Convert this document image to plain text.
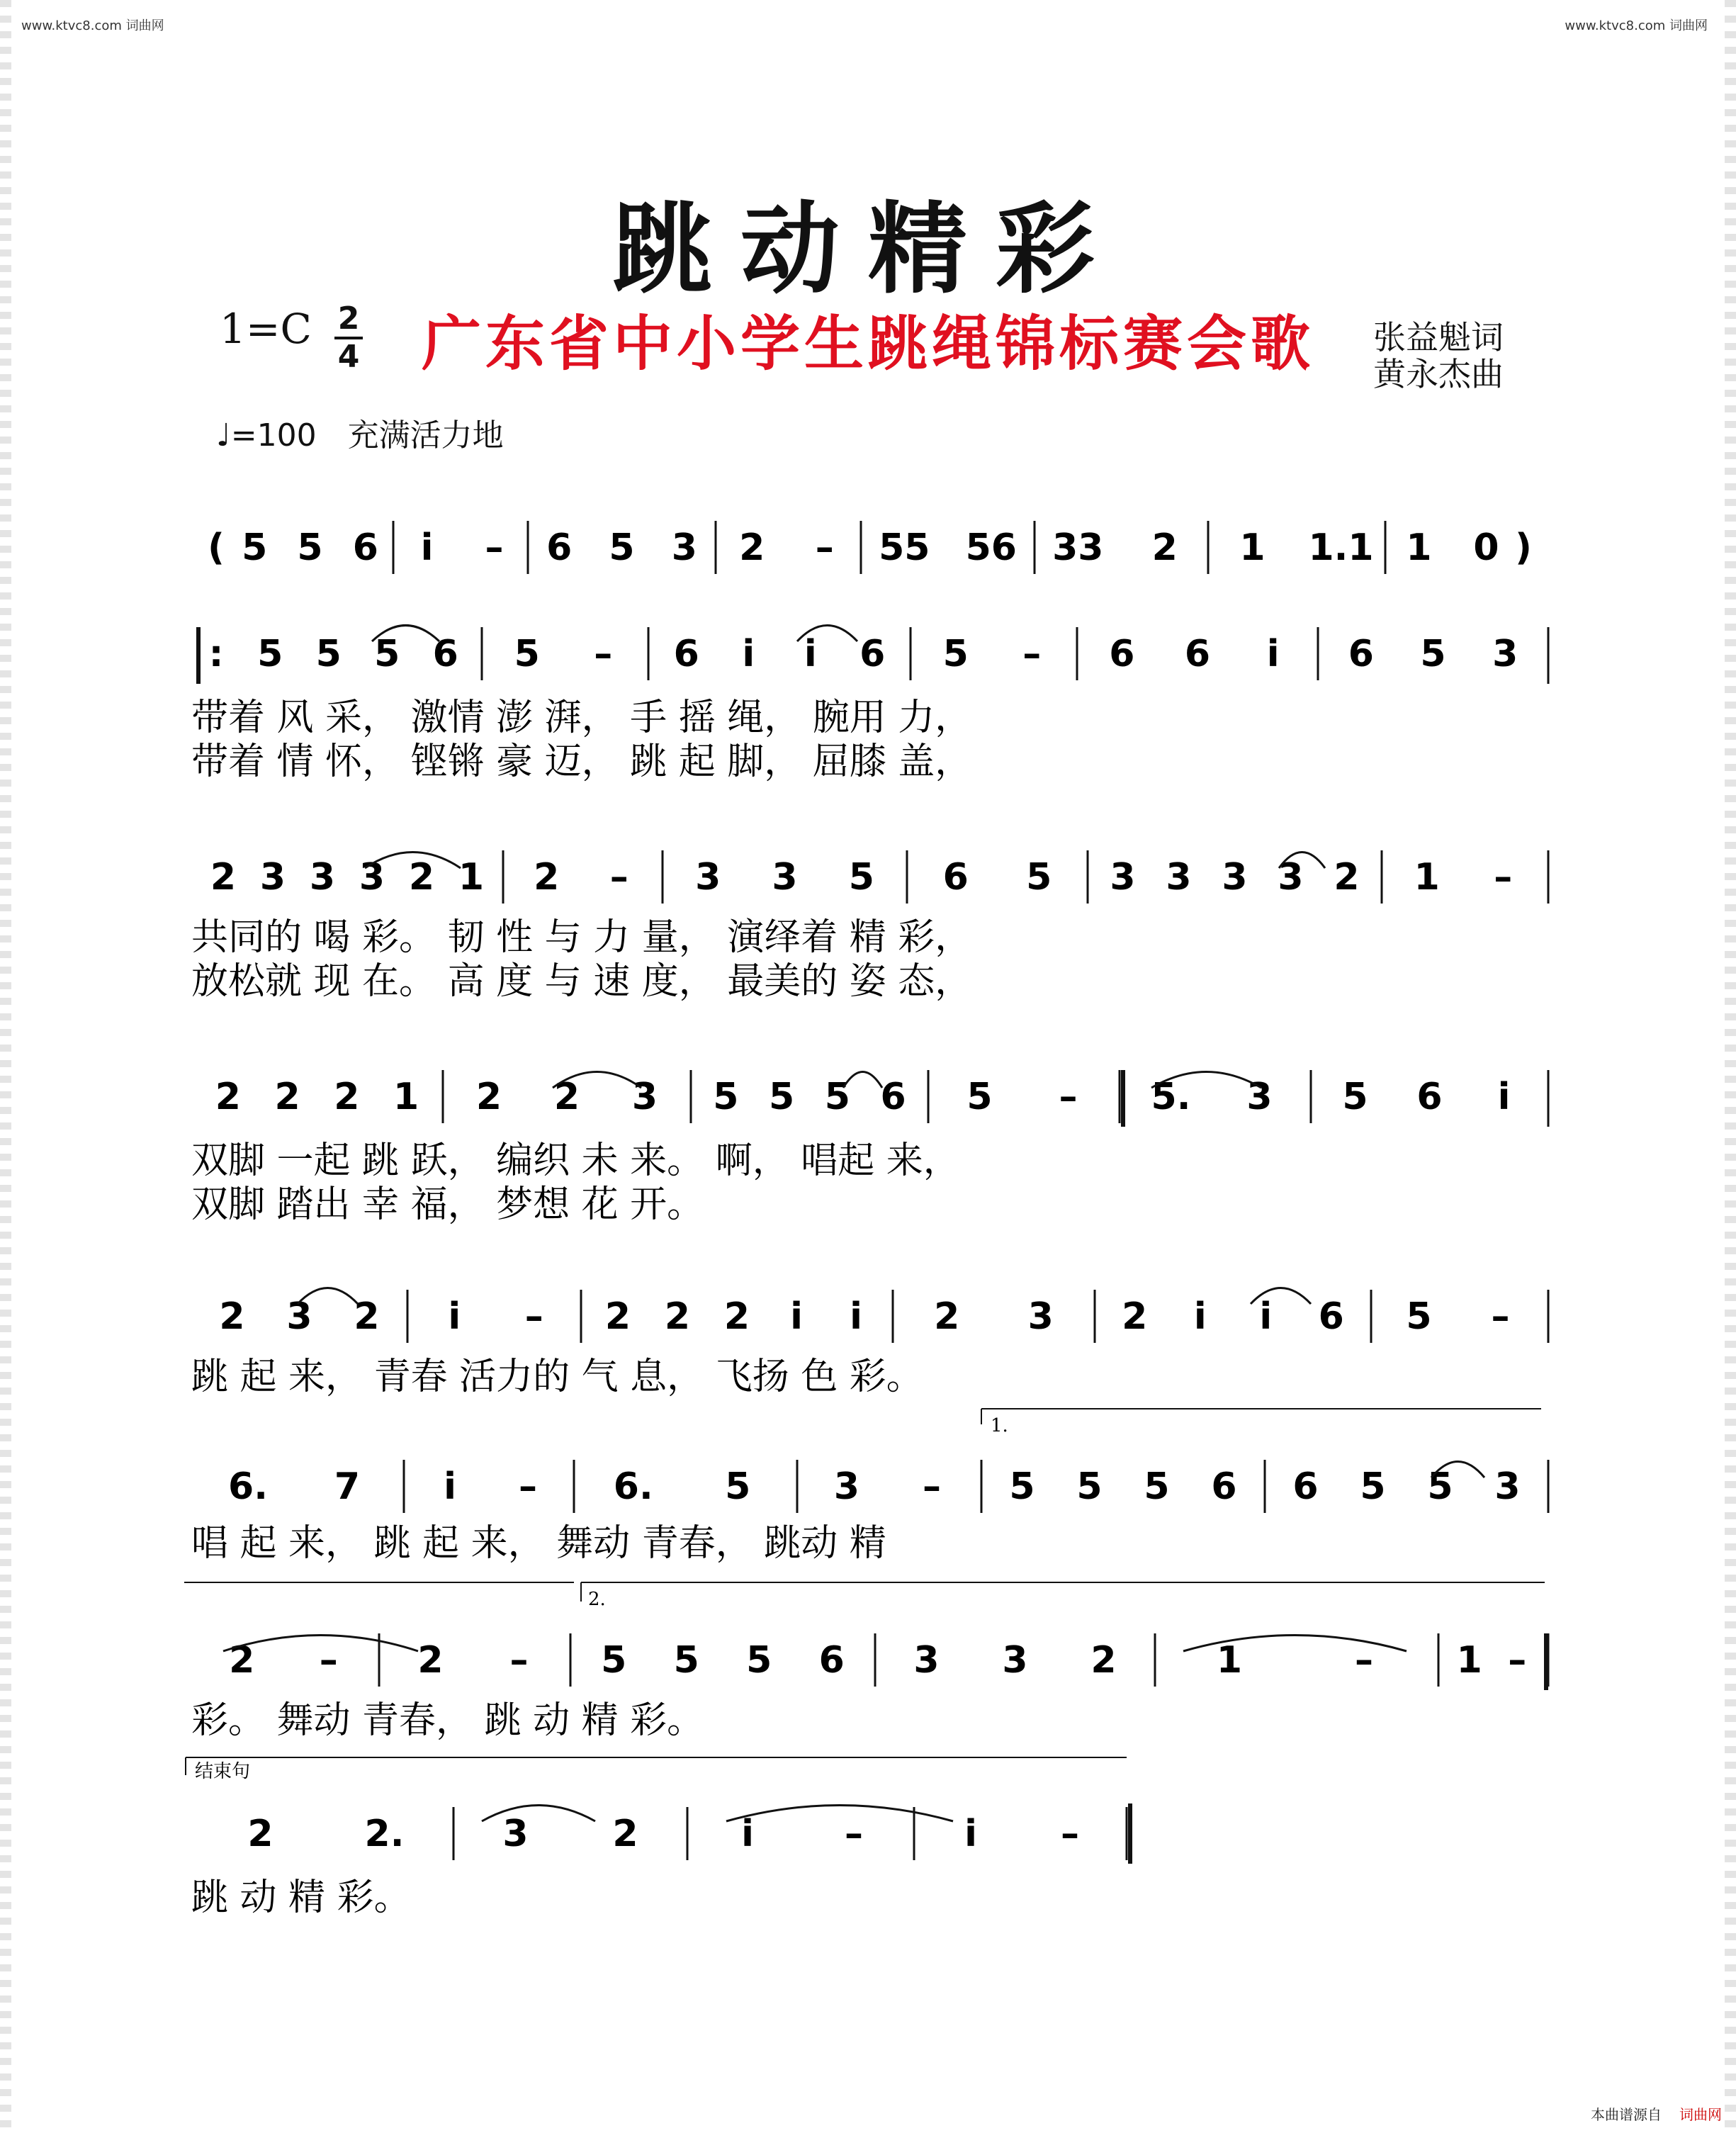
www.ktvc8.com 词曲网	www.ktvc8.com 词曲网
跳动精彩
$1=C \frac{2}{4}$ 广东省中小学生跳绳锦标赛会歌 张益魁词
黄永杰曲
♩=100 充满活力地
( 5 5 6 i – 6 5 3 2 – 55 56 33 2 1 1.1 1 0 )
5 5 5 6 5 – 6 i i 6 5 – 6 6 i 6 5 3
带着 风 采， 激情 澎 湃， 手 摇 绳， 腕用 力，
带着 情 怀， 铿锵 豪 迈， 跳 起 脚， 屈膝 盖，
:
2 3 3 3 2 1 2 – 3 3 5 6 5 3 3 3 3 2 1 –
共同的 喝 彩。 韧 性 与 力 量， 演绎着 精 彩，
放松就 现 在。 高 度 与 速 度， 最美的 姿 态，
2 2 2 1 2 2 3 5 5 5 6 5 – 5. 3 5 6 i
双脚 一起 跳 跃， 编织 未 来。 啊， 唱起 来，
双脚 踏出 幸 福， 梦想 花 开。
2 3 2 i – 2 2 2 i i 2 3 2 i i 6 5 –
跳 起 来， 青春 活力的 气 息， 飞扬 色 彩。
6. 7 i – 6. 5 3 – 5 5 5 6 6 5 5 3
唱 起 来， 跳 起 来， 舞动 青春， 跳动 精
1.
2 – 2 – 5 5 5 6 3 3 2	1	– 1 –
彩。 舞动 青春， 跳 动 精 彩。
2.
2 2.	3 2	i –	i –
跳 动 精 彩。
结束句
本曲谱源自 词曲网
